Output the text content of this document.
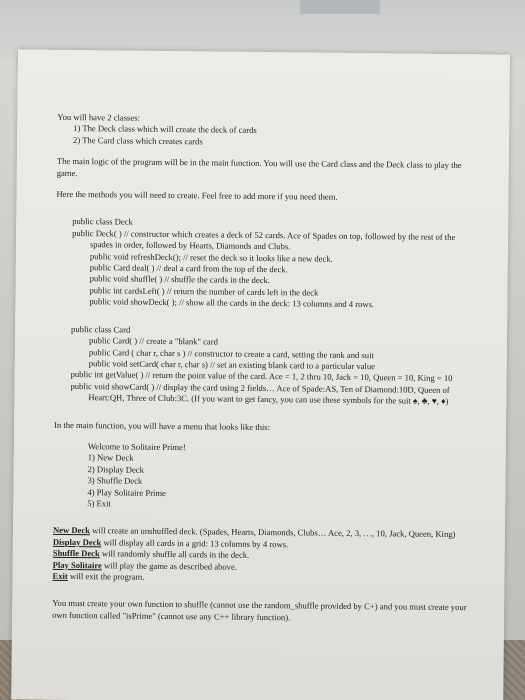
You will have 2 classes:

1) The Deck class which will create the deck of cards

2) The Card class which creates cards

The main logic of the program will be in the main function. You will use the Card class and the Deck class to play the game.

Here the methods you will need to create. Feel free to add more if you need them.

public class Deck

public Deck( ) // constructor which creates a deck of 52 cards. Ace of Spades on top, followed by the rest of the spades in order, followed by Hearts, Diamonds and Clubs.

public void refreshDeck(); // reset the deck so it looks like a new deck.

public Card deal( ) // deal a card from the top of the deck.

public void shuffle( ) // shuffle the cards in the deck.

public int cardsLeft( ) // return the number of cards left in the deck

public void showDeck( ); // show all the cards in the deck: 13 columns and 4 rows.

public class Card

public Card( ) // create a "blank" card

public Card ( char r, char s ) // constructor to create a card, setting the rank and suit

public void setCard( char r, char s) // set an existing blank card to a particular value

public int getValue( ) // return the point value of the card. Ace = 1, 2 thru 10, Jack = 10, Queen = 10, King = 10

public void showCard( ) // display the card using 2 fields… Ace of Spade:AS, Ten of Diamond:10D, Queen of Heart:QH, Three of Club:3C. (If you want to get fancy, you can use these symbols for the suit ♠, ♣, ♥, ♦)

In the main function, you will have a menu that looks like this:

Welcome to Solitaire Prime!

1) New Deck

2) Display Deck

3) Shuffle Deck

4) Play Solitaire Prime

5) Exit

New Deck will create an unshuffled deck. (Spades, Hearts, Diamonds, Clubs… Ace, 2, 3, …, 10, Jack, Queen, King)

Display Deck will display all cards in a grid: 13 columns by 4 rows.

Shuffle Deck will randomly shuffle all cards in the deck.

Play Solitaire will play the game as described above.

Exit will exit the program.

You must create your own function to shuffle (cannot use the random_shuffle provided by C+) and you must create your own function called "isPrime" (cannot use any C++ library function).
